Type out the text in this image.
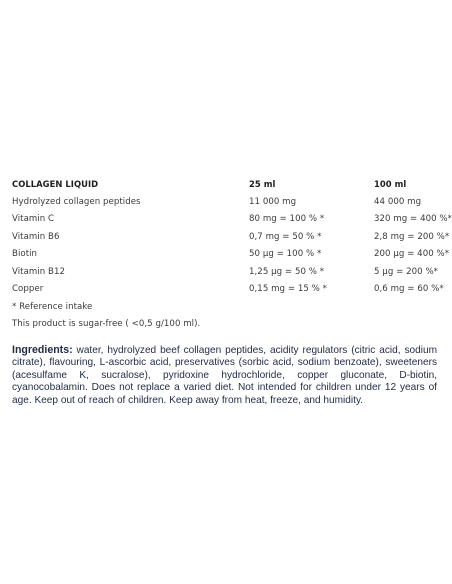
COLLAGEN LIQUID	25 ml	100 ml
Hydrolyzed collagen peptides	11 000 mg	44 000 mg
Vitamin C	80 mg = 100 % *	320 mg = 400 %*
Vitamin B6	0,7 mg = 50 % *	2,8 mg = 200 %*
Biotin	50 µg = 100 % *	200 µg = 400 %*
Vitamin B12	1,25 µg = 50 % *	5 µg = 200 %*
Copper	0,15 mg = 15 % *	0,6 mg = 60 %*
* Reference intake
This product is sugar-free ( <0,5 g/100 ml).
Ingredients: water, hydrolyzed beef collagen peptides, acidity regulators (citric acid, sodium citrate), flavouring, L-ascorbic acid, preservatives (sorbic acid, sodium benzoate), sweeteners (acesulfame K, sucralose), pyridoxine hydrochloride, copper gluconate, D-biotin, cyanocobalamin. Does not replace a varied diet. Not intended for children under 12 years of age. Keep out of reach of children. Keep away from heat, freeze, and humidity.
